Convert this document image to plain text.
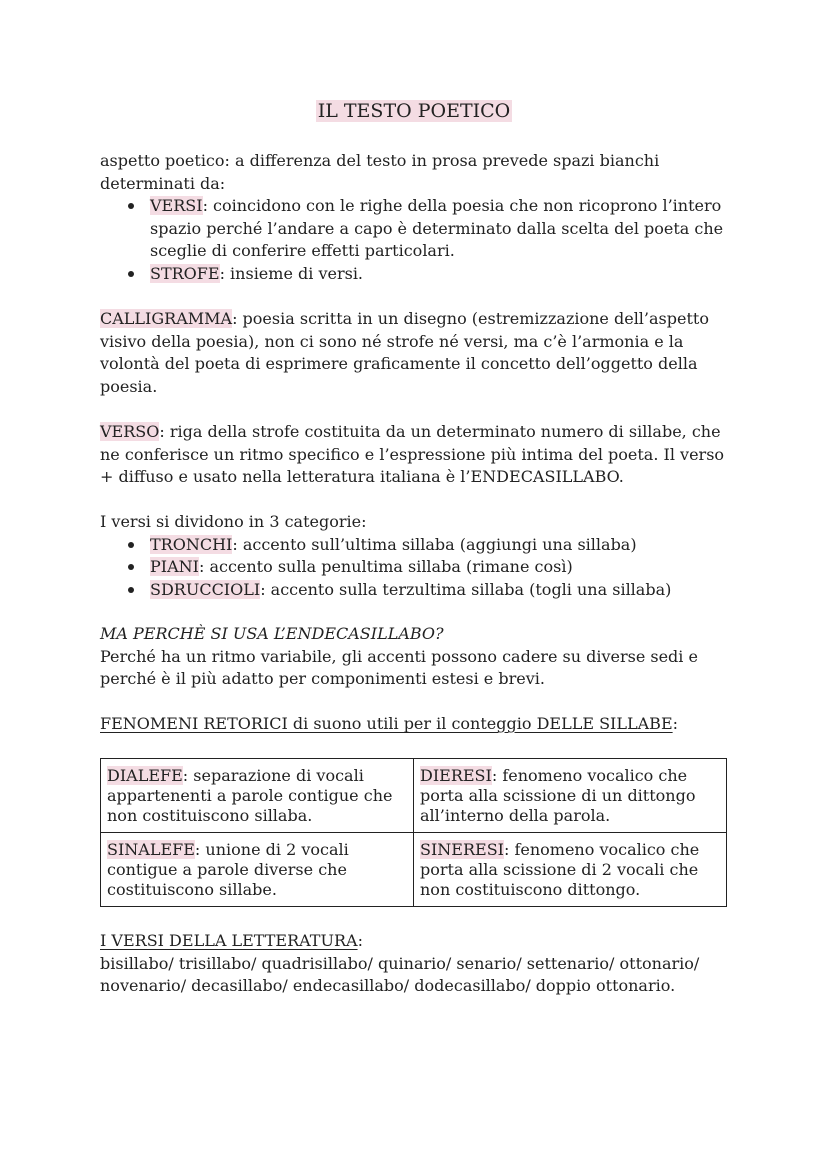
IL TESTO POETICO

aspetto poetico: a differenza del testo in prosa prevede spazi bianchi determinati da:

VERSI: coincidono con le righe della poesia che non ricoprono l’intero spazio perché l’andare a capo è determinato dalla scelta del poeta che sceglie di conferire effetti particolari.
STROFE: insieme di versi.

CALLIGRAMMA: poesia scritta in un disegno (estremizzazione dell’aspetto visivo della poesia), non ci sono né strofe né versi, ma c’è l’armonia e la volontà del poeta di esprimere graficamente il concetto dell’oggetto della poesia.

VERSO: riga della strofe costituita da un determinato numero di sillabe, che ne conferisce un ritmo specifico e l’espressione più intima del poeta. Il verso + diffuso e usato nella letteratura italiana è l’ENDECASILLABO.

I versi si dividono in 3 categorie:

TRONCHI: accento sull’ultima sillaba (aggiungi una sillaba)
PIANI: accento sulla penultima sillaba (rimane così)
SDRUCCIOLI: accento sulla terzultima sillaba (togli una sillaba)

MA PERCHÈ SI USA L’ENDECASILLABO?

Perché ha un ritmo variabile, gli accenti possono cadere su diverse sedi e perché è il più adatto per componimenti estesi e brevi.

FENOMENI RETORICI di suono utili per il conteggio DELLE SILLABE:

DIALEFE: separazione di vocali appartenenti a parole contigue che non costituiscono sillaba.	DIERESI: fenomeno vocalico che porta alla scissione di un dittongo all’interno della parola.
SINALEFE: unione di 2 vocali contigue a parole diverse che costituiscono sillabe.	SINERESI: fenomeno vocalico che porta alla scissione di 2 vocali che non costituiscono dittongo.

I VERSI DELLA LETTERATURA:

bisillabo/ trisillabo/ quadrisillabo/ quinario/ senario/ settenario/ ottonario/ novenario/ decasillabo/ endecasillabo/ dodecasillabo/ doppio ottonario.
